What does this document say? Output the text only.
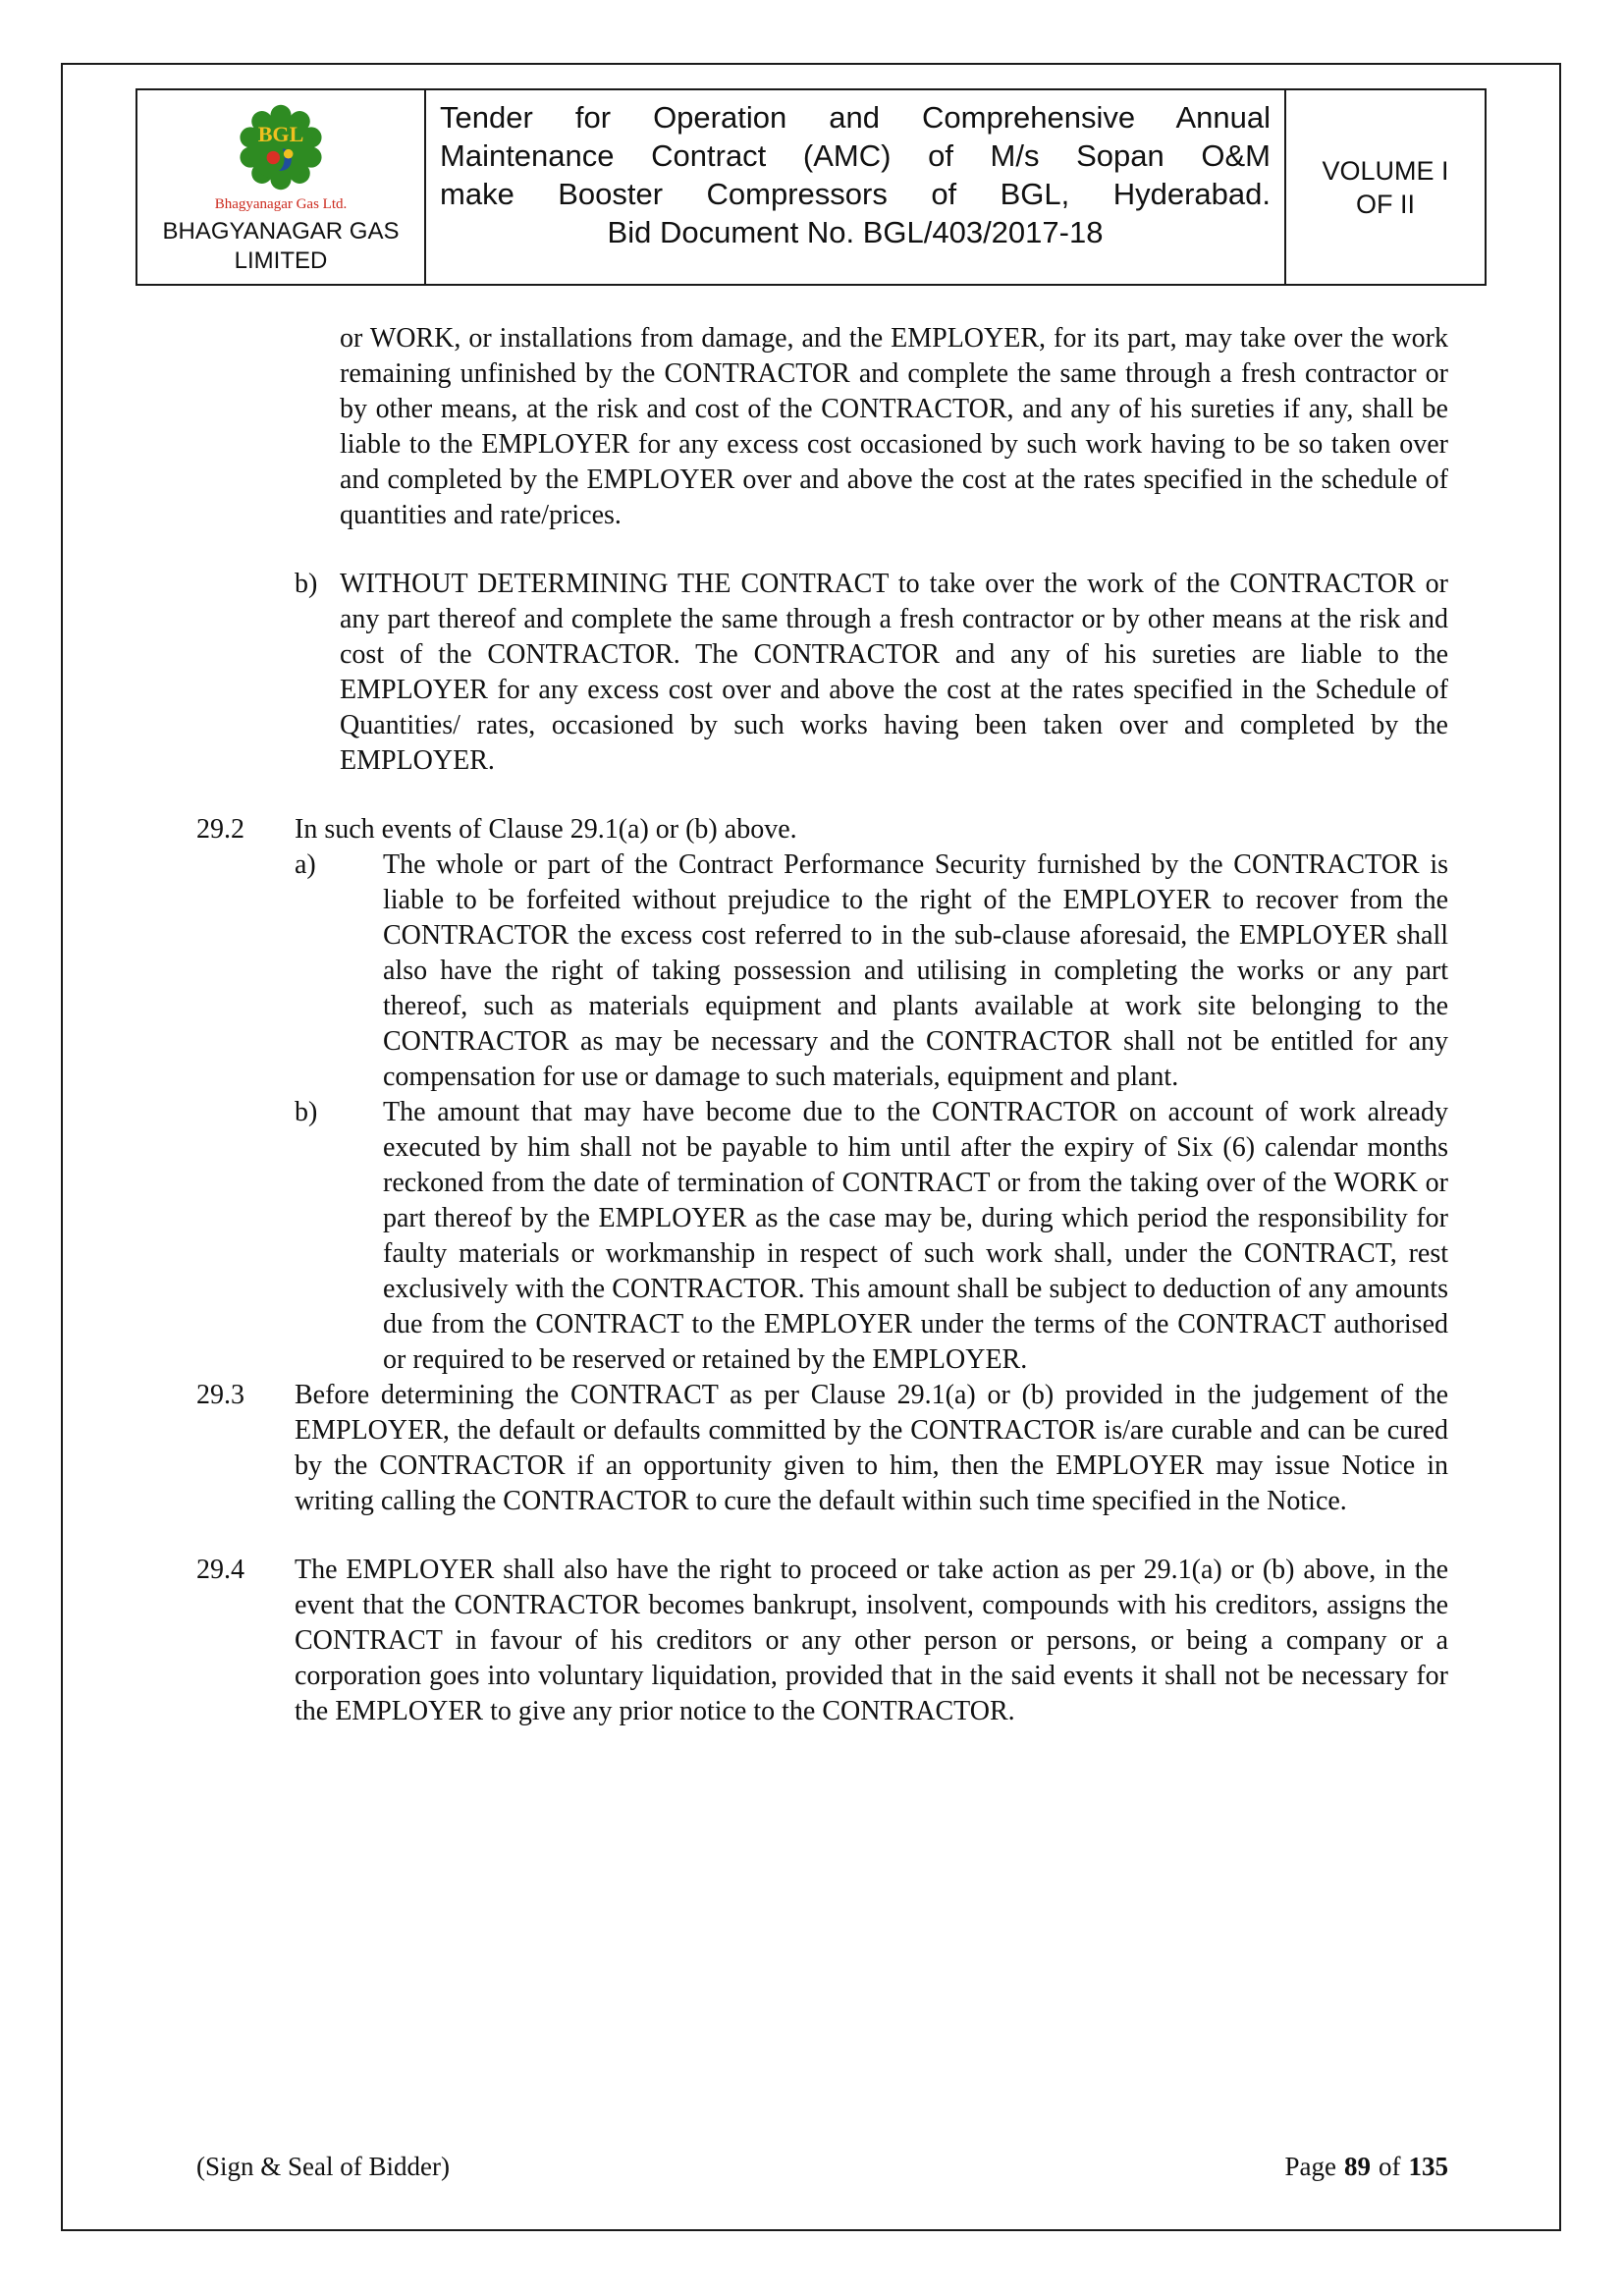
BGL
Bhagyanagar Gas Ltd.
BHAGYANAGAR GAS
LIMITED
Tender for Operation and Comprehensive Annual
Maintenance Contract (AMC) of M/s Sopan O&M
make Booster Compressors of BGL, Hyderabad.
Bid Document No. BGL/403/2017-18
VOLUME I
OF II
or WORK, or installations from damage, and the EMPLOYER, for its part, may take over the work remaining unfinished by the CONTRACTOR and complete the same through a fresh contractor or by other means, at the risk and cost of the CONTRACTOR, and any of his sureties if any, shall be liable to the EMPLOYER for any excess cost occasioned by such work having to be so taken over and completed by the EMPLOYER over and above the cost at the rates specified in the schedule of quantities and rate/prices.
b) WITHOUT DETERMINING THE CONTRACT to take over the work of the CONTRACTOR or any part thereof and complete the same through a fresh contractor or by other means at the risk and cost of the CONTRACTOR. The CONTRACTOR and any of his sureties are liable to the EMPLOYER for any excess cost over and above the cost at the rates specified in the Schedule of Quantities/ rates, occasioned by such works having been taken over and completed by the EMPLOYER.
29.2	In such events of Clause 29.1(a) or (b) above.
a)	The whole or part of the Contract Performance Security furnished by the CONTRACTOR is liable to be forfeited without prejudice to the right of the EMPLOYER to recover from the CONTRACTOR the excess cost referred to in the sub-clause aforesaid, the EMPLOYER shall also have the right of taking possession and utilising in completing the works or any part thereof, such as materials equipment and plants available at work site belonging to the CONTRACTOR as may be necessary and the CONTRACTOR shall not be entitled for any compensation for use or damage to such materials, equipment and plant.
b)	The amount that may have become due to the CONTRACTOR on account of work already executed by him shall not be payable to him until after the expiry of Six (6) calendar months reckoned from the date of termination of CONTRACT or from the taking over of the WORK or part thereof by the EMPLOYER as the case may be, during which period the responsibility for faulty materials or workmanship in respect of such work shall, under the CONTRACT, rest exclusively with the CONTRACTOR. This amount shall be subject to deduction of any amounts due from the CONTRACT to the EMPLOYER under the terms of the CONTRACT authorised or required to be reserved or retained by the EMPLOYER.
29.3	Before determining the CONTRACT as per Clause 29.1(a) or (b) provided in the judgement of the EMPLOYER, the default or defaults committed by the CONTRACTOR is/are curable and can be cured by the CONTRACTOR if an opportunity given to him, then the EMPLOYER may issue Notice in writing calling the CONTRACTOR to cure the default within such time specified in the Notice.
29.4	The EMPLOYER shall also have the right to proceed or take action as per 29.1(a) or (b) above, in the event that the CONTRACTOR becomes bankrupt, insolvent, compounds with his creditors, assigns the CONTRACT in favour of his creditors or any other person or persons, or being a company or a corporation goes into voluntary liquidation, provided that in the said events it shall not be necessary for the EMPLOYER to give any prior notice to the CONTRACTOR.
(Sign & Seal of Bidder)	Page 89 of 135
